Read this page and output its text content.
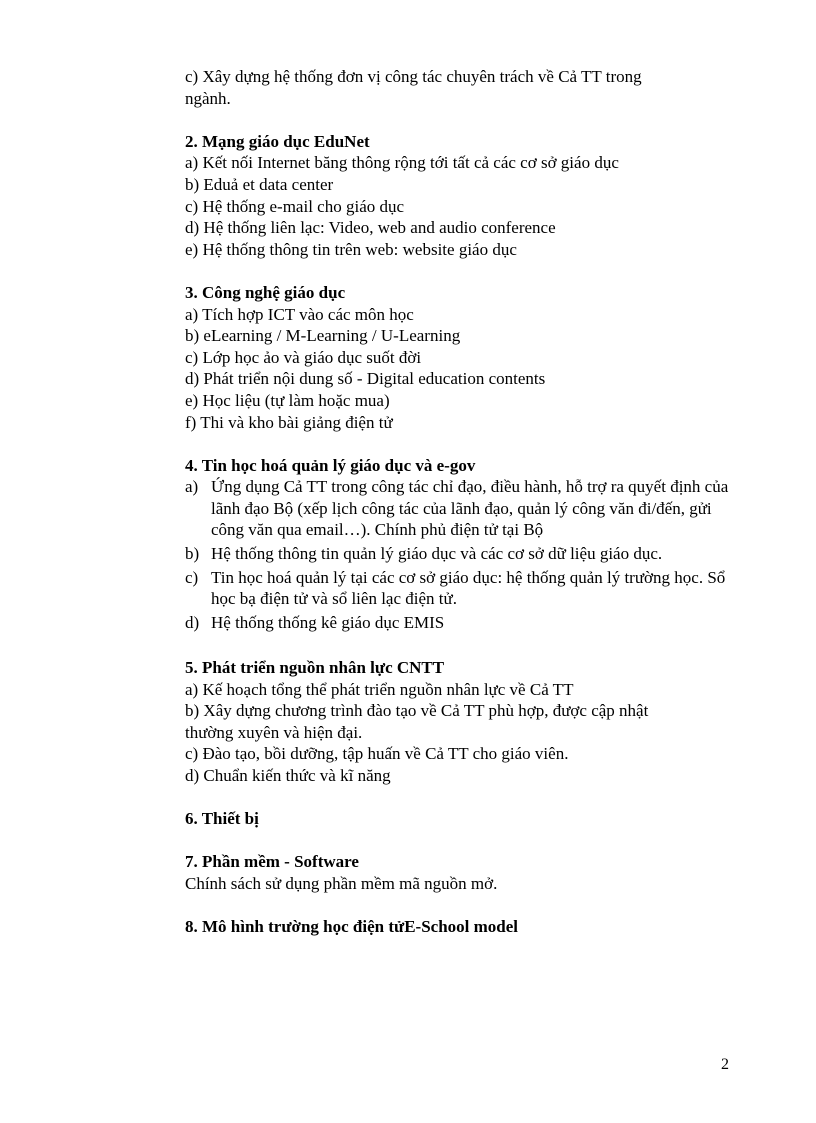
c) Xây dựng hệ thống đơn vị công tác chuyên trách về Cả TT trong
ngành.
2. Mạng giáo dục EduNet
a) Kết nối Internet băng thông rộng tới tất cả các cơ sở giáo dục
b) Eduả et data center
c) Hệ thống e-mail cho giáo dục
d) Hệ thống liên lạc: Video, web and audio conference
e) Hệ thống thông tin trên web: website giáo dục
3. Công nghệ giáo dục
a) Tích hợp ICT vào các môn học
b) eLearning / M-Learning / U-Learning
c) Lớp học ảo và giáo dục suốt đời
d) Phát triển nội dung số - Digital education contents
e) Học liệu (tự làm hoặc mua)
f) Thi và kho bài giảng điện tử
4. Tin học hoá quản lý giáo dục và e-gov
a) Ứng dụng Cả TT trong công tác chỉ đạo, điều hành, hỗ trợ ra quyết định của lãnh đạo Bộ (xếp lịch công tác của lãnh đạo, quản lý công văn đi/đến, gửi công văn qua email…). Chính phủ điện tử tại Bộ
b) Hệ thống thông tin quản lý giáo dục và các cơ sở dữ liệu giáo dục.
c) Tin học hoá quản lý tại các cơ sở giáo dục: hệ thống quản lý trường học. Sổ học bạ điện tử và sổ liên lạc điện tử.
d) Hệ thống thống kê giáo dục EMIS
5. Phát triển nguồn nhân lực CNTT
a) Kế hoạch tổng thể phát triển nguồn nhân lực về Cả TT
b) Xây dựng chương trình đào tạo về Cả TT phù hợp, được cập nhật
thường xuyên và hiện đại.
c) Đào tạo, bồi dưỡng, tập huấn về Cả TT cho giáo viên.
d) Chuẩn kiến thức và kĩ năng
6. Thiết bị
7. Phần mềm - Software
Chính sách sử dụng phần mềm mã nguồn mở.
8. Mô hình trường học điện tửE-School model
2
